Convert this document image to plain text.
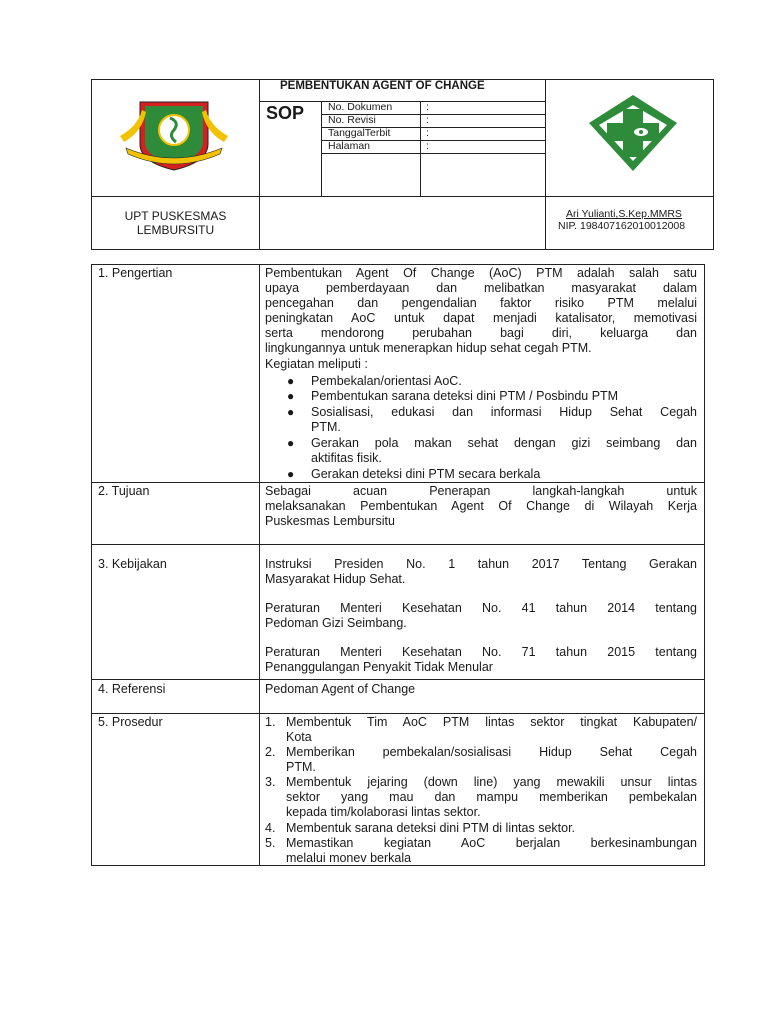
PEMBENTUKAN AGENT OF CHANGE
SOP No. Dokumen	:
No. Revisi	:
TanggalTerbit	:
Halaman	:
UPT PUSKESMAS
LEMBURSITU
Ari Yulianti,S.Kep.MMRS
NIP. 198407162010012008
1. Pengertian	Pembentukan Agent Of Change (AoC) PTM adalah salah satu
upaya pemberdayaan dan melibatkan masyarakat dalam
pencegahan dan pengendalian faktor risiko PTM melalui
peningkatan AoC untuk dapat menjadi katalisator, memotivasi
serta mendorong perubahan bagi diri, keluarga dan
lingkungannya untuk menerapkan hidup sehat cegah PTM.
Kegiatan meliputi :
● Pembekalan/orientasi AoC.
● Pembentukan sarana deteksi dini PTM / Posbindu PTM
● Sosialisasi, edukasi dan informasi Hidup Sehat Cegah
PTM.
● Gerakan pola makan sehat dengan gizi seimbang dan
aktifitas fisik.
● Gerakan deteksi dini PTM secara berkala
2. Tujuan	Sebagai acuan Penerapan langkah-langkah untuk
melaksanakan Pembentukan Agent Of Change di Wilayah Kerja
Puskesmas Lembursitu
3. Kebijakan	Instruksi Presiden No. 1 tahun 2017 Tentang Gerakan
Masyarakat Hidup Sehat.
Peraturan Menteri Kesehatan No. 41 tahun 2014 tentang
Pedoman Gizi Seimbang.
Peraturan Menteri Kesehatan No. 71 tahun 2015 tentang
Penanggulangan Penyakit Tidak Menular
4. Referensi	Pedoman Agent of Change
5. Prosedur	1. Membentuk Tim AoC PTM lintas sektor tingkat Kabupaten/
Kota
2. Memberikan pembekalan/sosialisasi Hidup Sehat Cegah
PTM.
3. Membentuk jejaring (down line) yang mewakili unsur lintas
sektor yang mau dan mampu memberikan pembekalan
kepada tim/kolaborasi lintas sektor.
4. Membentuk sarana deteksi dini PTM di lintas sektor.
5. Memastikan kegiatan AoC berjalan berkesinambungan
melalui monev berkala
